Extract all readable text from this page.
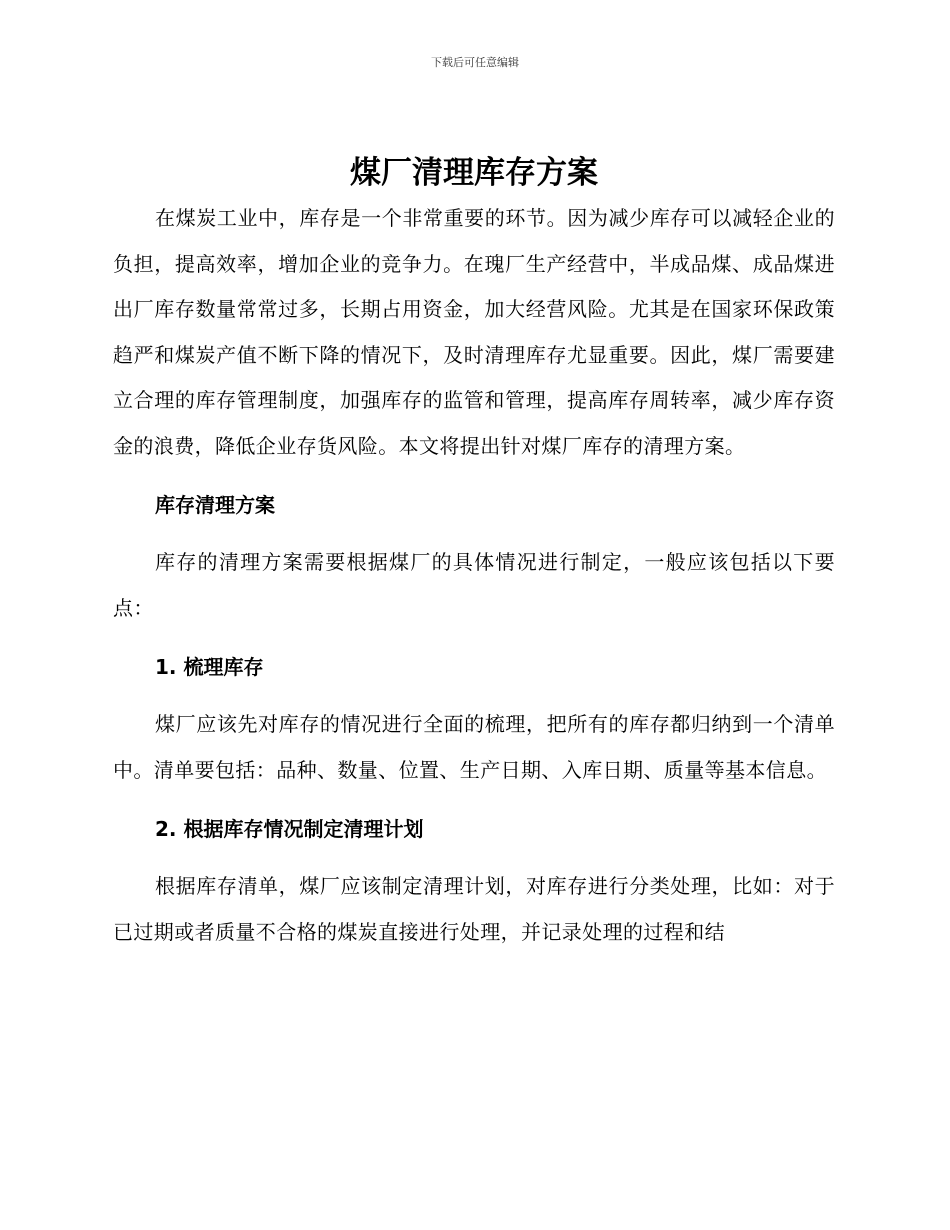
下载后可任意编辑
煤厂清理库存方案

在煤炭工业中，库存是一个非常重要的环节。因为减少库存可以减轻企业的负担，提高效率，增加企业的竞争力。在瑰厂生产经营中，半成品煤、成品煤进出厂库存数量常常过多，长期占用资金，加大经营风险。尤其是在国家环保政策趋严和煤炭产值不断下降的情况下，及时清理库存尤显重要。因此，煤厂需要建立合理的库存管理制度，加强库存的监管和管理，提高库存周转率，减少库存资金的浪费，降低企业存货风险。本文将提出针对煤厂库存的清理方案。

库存清理方案

库存的清理方案需要根据煤厂的具体情况进行制定，一般应该包括以下要点：

1. 梳理库存

煤厂应该先对库存的情况进行全面的梳理，把所有的库存都归纳到一个清单中。清单要包括：品种、数量、位置、生产日期、入库日期、质量等基本信息。

2. 根据库存情况制定清理计划

根据库存清单，煤厂应该制定清理计划，对库存进行分类处理，比如：对于已过期或者质量不合格的煤炭直接进行处理，并记录处理的过程和结
